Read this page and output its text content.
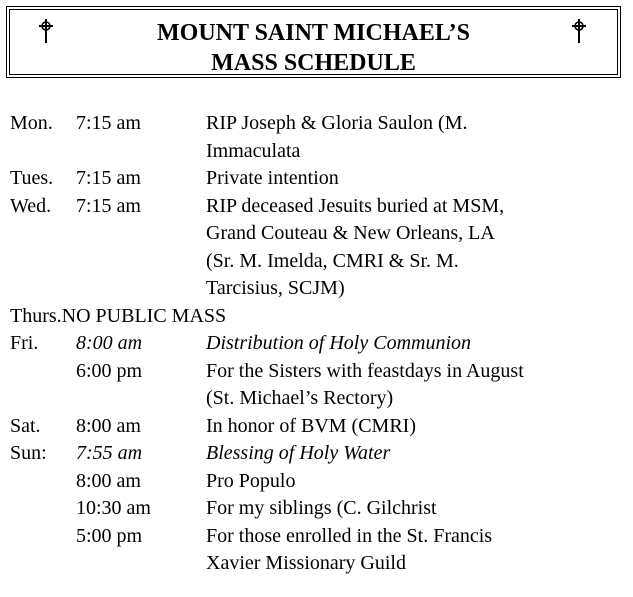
MOUNT SAINT MICHAEL’S
MASS SCHEDULE
Mon. 7:15 am	RIP Joseph & Gloria Saulon (M.
Immaculata
Tues. 7:15 am	Private intention
Wed. 7:15 am	RIP deceased Jesuits buried at MSM,
Grand Couteau & New Orleans, LA
(Sr. M. Imelda, CMRI & Sr. M.
Tarcisius, SCJM)
Thurs.NO PUBLIC MASS
Fri. 8:00 am	Distribution of Holy Communion
6:00 pm	For the Sisters with feastdays in August
(St. Michael’s Rectory)
Sat. 8:00 am	In honor of BVM (CMRI)
Sun: 7:55 am	Blessing of Holy Water
8:00 am	Pro Populo
10:30 am	For my siblings (C. Gilchrist
5:00 pm	For those enrolled in the St. Francis
Xavier Missionary Guild
